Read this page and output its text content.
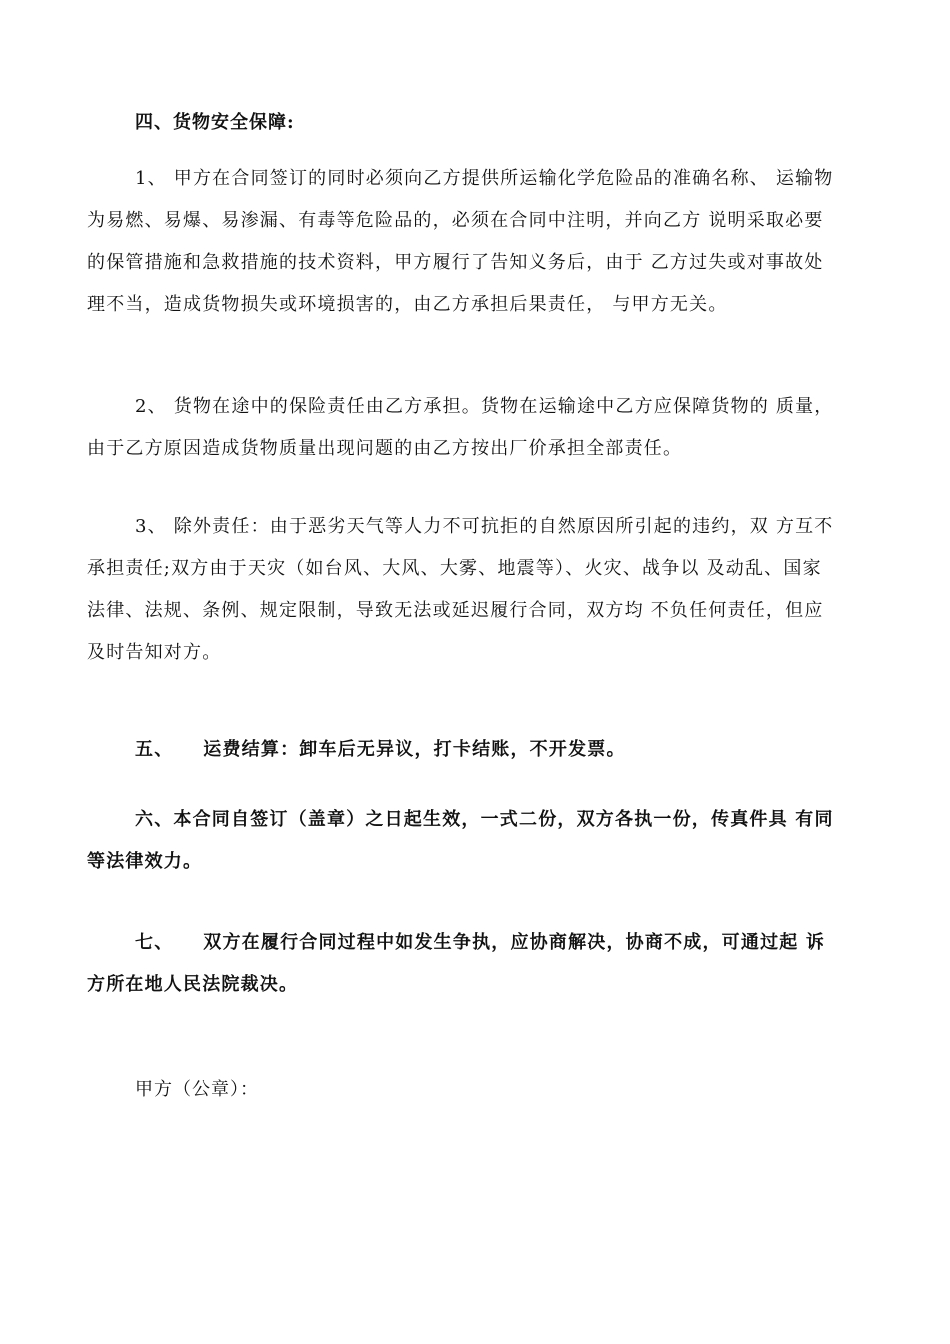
四、货物安全保障:
1、 甲方在合同签订的同时必须向乙方提供所运输化学危险品的准确名称、 运输物
为易燃、易爆、易渗漏、有毒等危险品的，必须在合同中注明，并向乙方 说明采取必要
的保管措施和急救措施的技术资料，甲方履行了告知义务后，由于 乙方过失或对事故处
理不当，造成货物损失或环境损害的，由乙方承担后果责任， 与甲方无关。
2、 货物在途中的保险责任由乙方承担。货物在运输途中乙方应保障货物的 质量，
由于乙方原因造成货物质量出现问题的由乙方按出厂价承担全部责任。
3、 除外责任：由于恶劣天气等人力不可抗拒的自然原因所引起的违约，双 方互不
承担责任;双方由于天灾（如台风、大风、大雾、地震等）、火灾、战争以 及动乱、国家
法律、法规、条例、规定限制，导致无法或延迟履行合同，双方均 不负任何责任，但应
及时告知对方。
五、    运费结算：卸车后无异议，打卡结账，不开发票。
六、本合同自签订（盖章）之日起生效，一式二份，双方各执一份，传真件具 有同
等法律效力。
七、    双方在履行合同过程中如发生争执，应协商解决，协商不成，可通过起 诉
方所在地人民法院裁决。
甲方（公章）：
